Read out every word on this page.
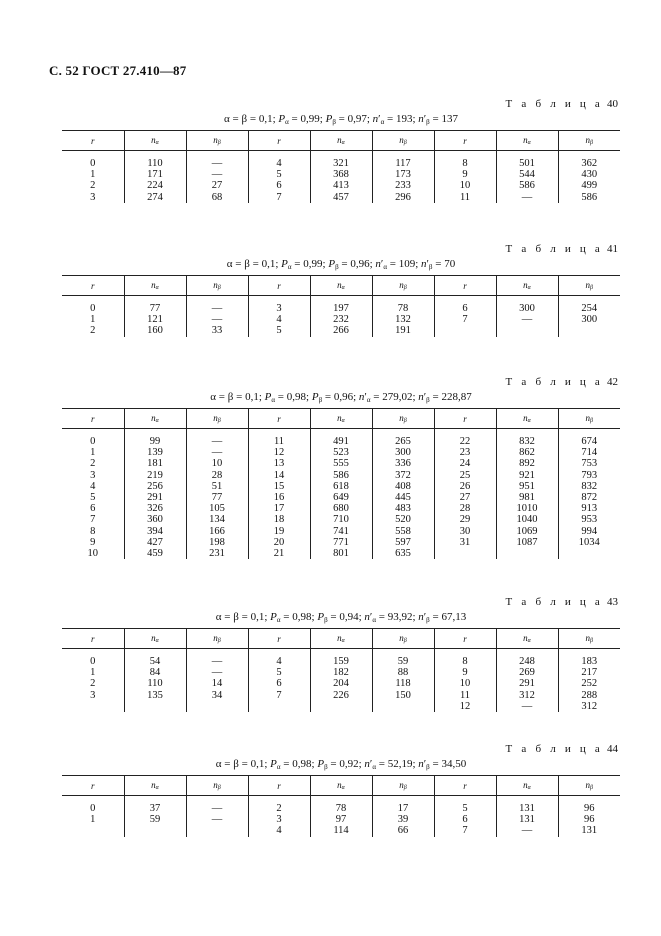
С. 52 ГОСТ 27.410—87
Т а б л и ц а 40
α = β = 0,1; $P_\alpha = 0,99$; $P_\beta = 0,97$; $n'_\alpha = 193$; $n'_\beta = 137$
r	$n_\alpha$	$n_\beta$	r	$n_\alpha$	$n_\beta$	r	$n_\alpha$	$n_\beta$

0	110	—	4	321	117	8	501	362
1	171	—	5	368	173	9	544	430
2	224	27	6	413	233	10	586	499
3	274	68	7	457	296	11	—	586
Т а б л и ц а 41
α = β = 0,1; $P_\alpha = 0,99$; $P_\beta = 0,96$; $n'_\alpha = 109$; $n'_\beta = 70$
r	$n_\alpha$	$n_\beta$	r	$n_\alpha$	$n_\beta$	r	$n_\alpha$	$n_\beta$

0	77	—	3	197	78	6	300	254
1	121	—	4	232	132	7	—	300
2	160	33	5	266	191			
Т а б л и ц а 42
α = β = 0,1; $P_\alpha = 0,98$; $P_\beta = 0,96$; $n'_\alpha = 279,02$; $n'_\beta = 228,87$
r	$n_\alpha$	$n_\beta$	r	$n_\alpha$	$n_\beta$	r	$n_\alpha$	$n_\beta$

0	99	—	11	491	265	22	832	674
1	139	—	12	523	300	23	862	714
2	181	10	13	555	336	24	892	753
3	219	28	14	586	372	25	921	793
4	256	51	15	618	408	26	951	832
5	291	77	16	649	445	27	981	872
6	326	105	17	680	483	28	1010	913
7	360	134	18	710	520	29	1040	953
8	394	166	19	741	558	30	1069	994
9	427	198	20	771	597	31	1087	1034
10	459	231	21	801	635			
Т а б л и ц а 43
α = β = 0,1; $P_\alpha = 0,98$; $P_\beta = 0,94$; $n'_\alpha = 93,92$; $n'_\beta = 67,13$
r	$n_\alpha$	$n_\beta$	r	$n_\alpha$	$n_\beta$	r	$n_\alpha$	$n_\beta$

0	54	—	4	159	59	8	248	183
1	84	—	5	182	88	9	269	217
2	110	14	6	204	118	10	291	252
3	135	34	7	226	150	11	312	288
						12	—	312
Т а б л и ц а 44
α = β = 0,1; $P_\alpha = 0,98$; $P_\beta = 0,92$; $n'_\alpha = 52,19$; $n'_\beta = 34,50$
r	$n_\alpha$	$n_\beta$	r	$n_\alpha$	$n_\beta$	r	$n_\alpha$	$n_\beta$

0	37	—	2	78	17	5	131	96
1	59	—	3	97	39	6	131	96
			4	114	66	7	—	131
